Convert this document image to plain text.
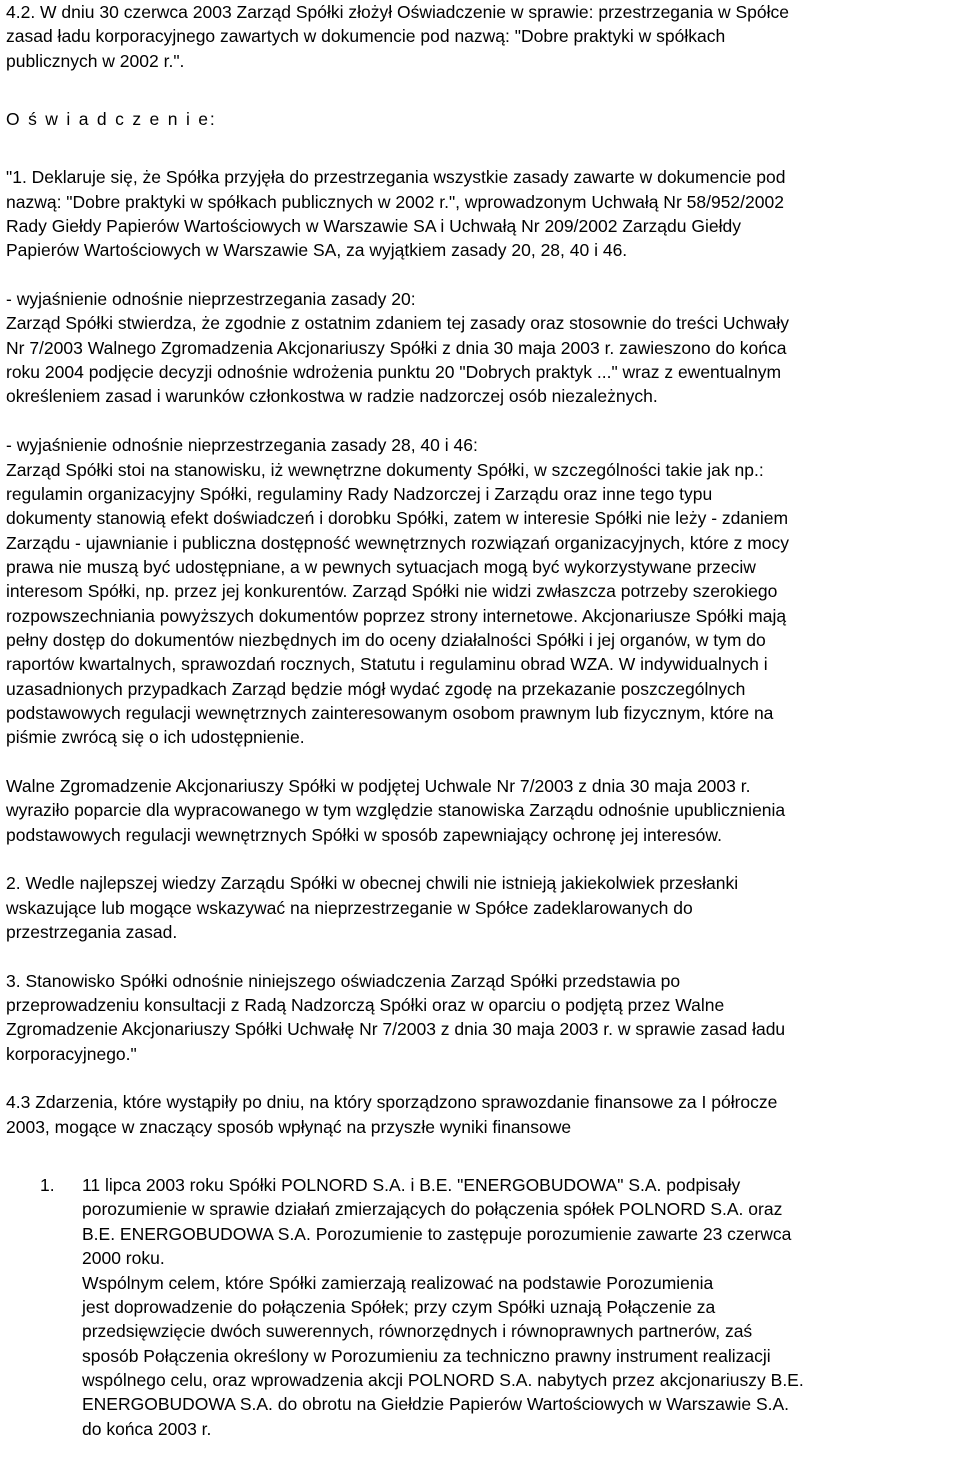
4.2. W dniu 30 czerwca 2003 Zarząd Spółki złożył Oświadczenie w sprawie: przestrzegania w Spółce
zasad ładu korporacyjnego zawartych w dokumencie pod nazwą: "Dobre praktyki w spółkach
publicznych w 2002 r.".

O ś w i a d c z e n i e:

"1. Deklaruje się, że Spółka przyjęła do przestrzegania wszystkie zasady zawarte w dokumencie pod
nazwą: "Dobre praktyki w spółkach publicznych w 2002 r.", wprowadzonym Uchwałą Nr 58/952/2002
Rady Giełdy Papierów Wartościowych w Warszawie SA i Uchwałą Nr 209/2002 Zarządu Giełdy
Papierów Wartościowych w Warszawie SA, za wyjątkiem zasady 20, 28, 40 i 46.

- wyjaśnienie odnośnie nieprzestrzegania zasady 20:
Zarząd Spółki stwierdza, że zgodnie z ostatnim zdaniem tej zasady oraz stosownie do treści Uchwały
Nr 7/2003 Walnego Zgromadzenia Akcjonariuszy Spółki z dnia 30 maja 2003 r. zawieszono do końca
roku 2004 podjęcie decyzji odnośnie wdrożenia punktu 20 "Dobrych praktyk ..." wraz z ewentualnym
określeniem zasad i warunków członkostwa w radzie nadzorczej osób niezależnych.

- wyjaśnienie odnośnie nieprzestrzegania zasady 28, 40 i 46:
Zarząd Spółki stoi na stanowisku, iż wewnętrzne dokumenty Spółki, w szczególności takie jak np.:
regulamin organizacyjny Spółki, regulaminy Rady Nadzorczej i Zarządu oraz inne tego typu
dokumenty stanowią efekt doświadczeń i dorobku Spółki, zatem w interesie Spółki nie leży - zdaniem
Zarządu - ujawnianie i publiczna dostępność wewnętrznych rozwiązań organizacyjnych, które z mocy
prawa nie muszą być udostępniane, a w pewnych sytuacjach mogą być wykorzystywane przeciw
interesom Spółki, np. przez jej konkurentów. Zarząd Spółki nie widzi zwłaszcza potrzeby szerokiego
rozpowszechniania powyższych dokumentów poprzez strony internetowe. Akcjonariusze Spółki mają
pełny dostęp do dokumentów niezbędnych im do oceny działalności Spółki i jej organów, w tym do
raportów kwartalnych, sprawozdań rocznych, Statutu i regulaminu obrad WZA. W indywidualnych i
uzasadnionych przypadkach Zarząd będzie mógł wydać zgodę na przekazanie poszczególnych
podstawowych regulacji wewnętrznych zainteresowanym osobom prawnym lub fizycznym, które na
piśmie zwrócą się o ich udostępnienie.

Walne Zgromadzenie Akcjonariuszy Spółki w podjętej Uchwale Nr 7/2003 z dnia 30 maja 2003 r.
wyraziło poparcie dla wypracowanego w tym względzie stanowiska Zarządu odnośnie upublicznienia
podstawowych regulacji wewnętrznych Spółki w sposób zapewniający ochronę jej interesów.

2. Wedle najlepszej wiedzy Zarządu Spółki w obecnej chwili nie istnieją jakiekolwiek przesłanki
wskazujące lub mogące wskazywać na nieprzestrzeganie w Spółce zadeklarowanych do
przestrzegania zasad.

3. Stanowisko Spółki odnośnie niniejszego oświadczenia Zarząd Spółki przedstawia po
przeprowadzeniu konsultacji z Radą Nadzorczą Spółki oraz w oparciu o podjętą przez Walne
Zgromadzenie Akcjonariuszy Spółki Uchwałę Nr 7/2003 z dnia 30 maja 2003 r. w sprawie zasad ładu
korporacyjnego."

4.3 Zdarzenia, które wystąpiły po dniu, na który sporządzono sprawozdanie finansowe za I półrocze
2003, mogące w znaczący sposób wpłynąć na przyszłe wyniki finansowe

1. 11 lipca 2003 roku Spółki POLNORD S.A. i B.E. "ENERGOBUDOWA" S.A. podpisały
porozumienie w sprawie działań zmierzających do połączenia spółek POLNORD S.A. oraz
B.E. ENERGOBUDOWA S.A. Porozumienie to zastępuje porozumienie zawarte 23 czerwca
2000 roku.
Wspólnym celem, które Spółki zamierzają realizować na podstawie Porozumienia
jest doprowadzenie do połączenia Spółek; przy czym Spółki uznają Połączenie za
przedsięwzięcie dwóch suwerennych, równorzędnych i równoprawnych partnerów, zaś
sposób Połączenia określony w Porozumieniu za techniczno prawny instrument realizacji
wspólnego celu, oraz wprowadzenia akcji POLNORD S.A. nabytych przez akcjonariuszy B.E.
ENERGOBUDOWA S.A. do obrotu na Giełdzie Papierów Wartościowych w Warszawie S.A.
do końca 2003 r.
